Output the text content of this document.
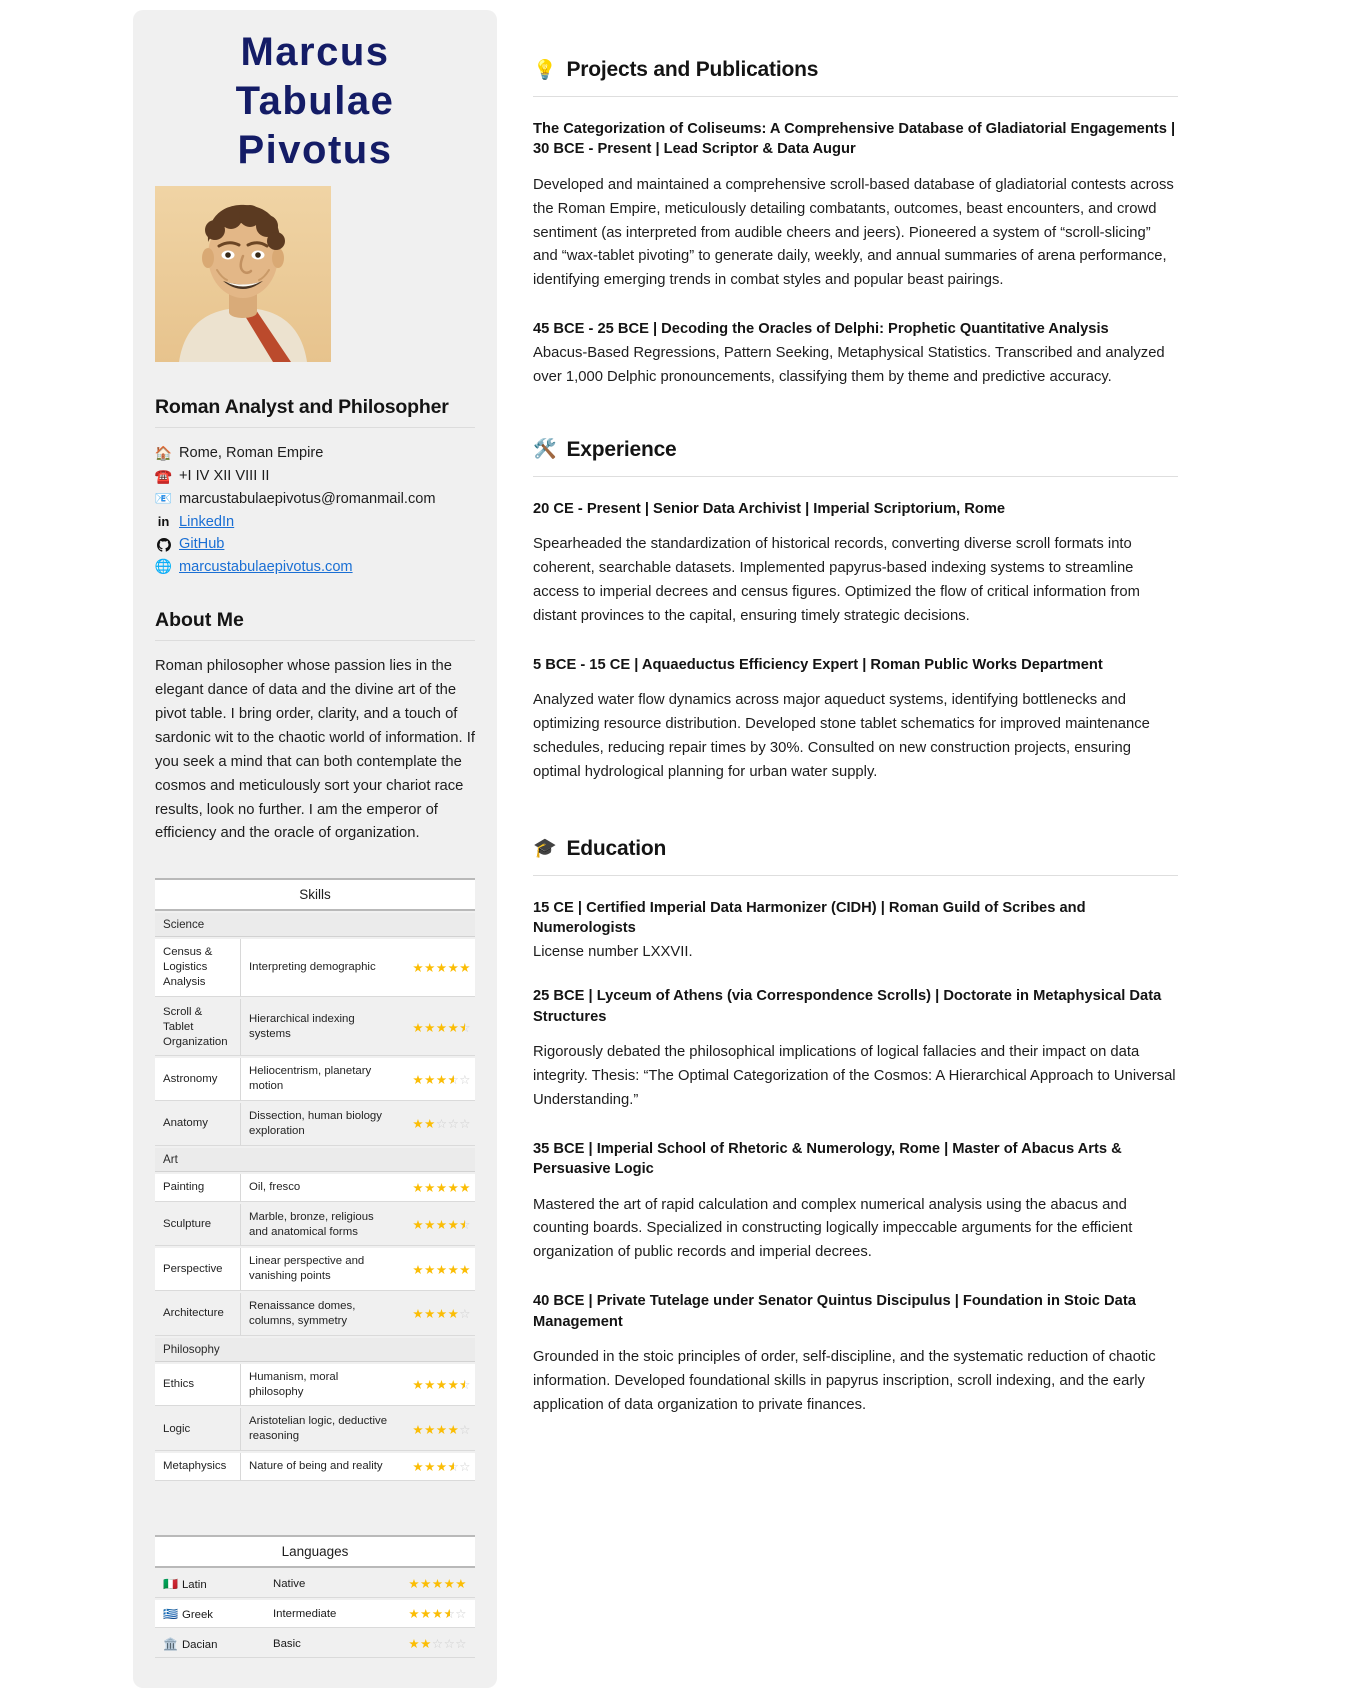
Marcus
Tabulae
Pivotus
Roman Analyst and Philosopher
🏠 Rome, Roman Empire
☎️ +I IV XII VIII II
📧 marcustabulaepivotus@romanmail.com
in LinkedIn
GitHub
🌐 marcustabulaepivotus.com
About Me

Roman philosopher whose passion lies in the elegant dance of data and the divine art of the pivot table. I bring order, clarity, and a touch of sardonic wit to the chaotic world of information. If you seek a mind that can both contemplate the cosmos and meticulously sort your chariot race results, look no further. I am the emperor of efficiency and the oracle of organization.

Skills		
Science		
Census & Logistics Analysis	Interpreting demographic	★★★★★
Scroll & Tablet Organization	Hierarchical indexing systems	★★★★★ ☆
Astronomy	Heliocentrism, planetary motion	★★★★ ☆☆
Anatomy	Dissection, human biology exploration	★★☆☆☆
Art		
Painting	Oil, fresco	★★★★★
Sculpture	Marble, bronze, religious and anatomical forms	★★★★★ ☆
Perspective	Linear perspective and vanishing points	★★★★★
Architecture	Renaissance domes, columns, symmetry	★★★★☆
Philosophy		
Ethics	Humanism, moral philosophy	★★★★★ ☆
Logic	Aristotelian logic, deductive reasoning	★★★★☆
Metaphysics	Nature of being and reality	★★★★ ☆☆
Languages		
🇮🇹 Latin	Native	★★★★★
🇬🇷 Greek	Intermediate	★★★★ ☆☆
🏛️ Dacian	Basic	★★☆☆☆
💡 Projects and Publications
The Categorization of Coliseums: A Comprehensive Database of Gladiatorial Engagements | 30 BCE - Present | Lead Scriptor & Data Augur

Developed and maintained a comprehensive scroll-based database of gladiatorial contests across the Roman Empire, meticulously detailing combatants, outcomes, beast encounters, and crowd sentiment (as interpreted from audible cheers and jeers). Pioneered a system of “scroll-slicing” and “wax-tablet pivoting” to generate daily, weekly, and annual summaries of arena performance, identifying emerging trends in combat styles and popular beast pairings.

45 BCE - 25 BCE | Decoding the Oracles of Delphi: Prophetic Quantitative Analysis

Abacus-Based Regressions, Pattern Seeking, Metaphysical Statistics. Transcribed and analyzed over 1,000 Delphic pronouncements, classifying them by theme and predictive accuracy.

🛠️ Experience
20 CE - Present | Senior Data Archivist | Imperial Scriptorium, Rome

Spearheaded the standardization of historical records, converting diverse scroll formats into coherent, searchable datasets. Implemented papyrus-based indexing systems to streamline access to imperial decrees and census figures. Optimized the flow of critical information from distant provinces to the capital, ensuring timely strategic decisions.

5 BCE - 15 CE | Aquaeductus Efficiency Expert | Roman Public Works Department

Analyzed water flow dynamics across major aqueduct systems, identifying bottlenecks and optimizing resource distribution. Developed stone tablet schematics for improved maintenance schedules, reducing repair times by 30%. Consulted on new construction projects, ensuring optimal hydrological planning for urban water supply.

🎓 Education
15 CE | Certified Imperial Data Harmonizer (CIDH) | Roman Guild of Scribes and Numerologists

License number LXXVII.

25 BCE | Lyceum of Athens (via Correspondence Scrolls) | Doctorate in Metaphysical Data Structures

Rigorously debated the philosophical implications of logical fallacies and their impact on data integrity. Thesis: “The Optimal Categorization of the Cosmos: A Hierarchical Approach to Universal Understanding.”

35 BCE | Imperial School of Rhetoric & Numerology, Rome | Master of Abacus Arts & Persuasive Logic

Mastered the art of rapid calculation and complex numerical analysis using the abacus and counting boards. Specialized in constructing logically impeccable arguments for the efficient organization of public records and imperial decrees.

40 BCE | Private Tutelage under Senator Quintus Discipulus | Foundation in Stoic Data Management

Grounded in the stoic principles of order, self-discipline, and the systematic reduction of chaotic information. Developed foundational skills in papyrus inscription, scroll indexing, and the early application of data organization to private finances.
